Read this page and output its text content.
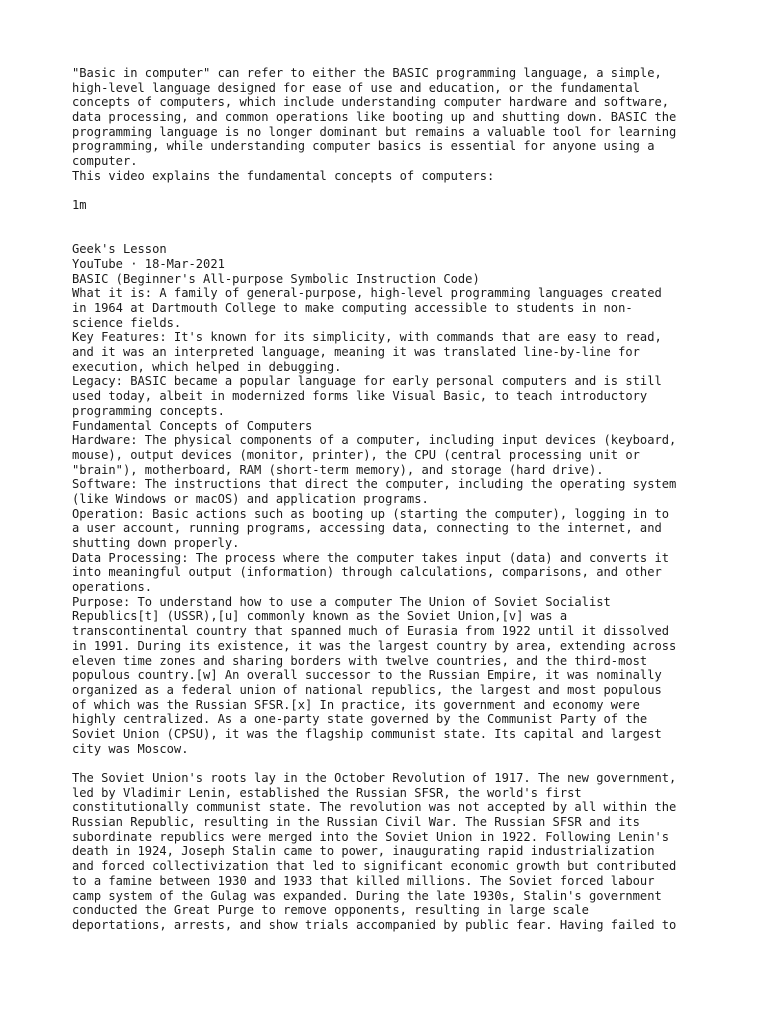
"Basic in computer" can refer to either the BASIC programming language, a simple,
high-level language designed for ease of use and education, or the fundamental
concepts of computers, which include understanding computer hardware and software,
data processing, and common operations like booting up and shutting down. BASIC the
programming language is no longer dominant but remains a valuable tool for learning
programming, while understanding computer basics is essential for anyone using a
computer.
This video explains the fundamental concepts of computers:
1m
Geek's Lesson
YouTube · 18-Mar-2021
BASIC (Beginner's All-purpose Symbolic Instruction Code)
What it is: A family of general-purpose, high-level programming languages created
in 1964 at Dartmouth College to make computing accessible to students in non-
science fields.
Key Features: It's known for its simplicity, with commands that are easy to read,
and it was an interpreted language, meaning it was translated line-by-line for
execution, which helped in debugging.
Legacy: BASIC became a popular language for early personal computers and is still
used today, albeit in modernized forms like Visual Basic, to teach introductory
programming concepts.
Fundamental Concepts of Computers
Hardware: The physical components of a computer, including input devices (keyboard,
mouse), output devices (monitor, printer), the CPU (central processing unit or
"brain"), motherboard, RAM (short-term memory), and storage (hard drive).
Software: The instructions that direct the computer, including the operating system
(like Windows or macOS) and application programs.
Operation: Basic actions such as booting up (starting the computer), logging in to
a user account, running programs, accessing data, connecting to the internet, and
shutting down properly.
Data Processing: The process where the computer takes input (data) and converts it
into meaningful output (information) through calculations, comparisons, and other
operations.
Purpose: To understand how to use a computer The Union of Soviet Socialist
Republics[t] (USSR),[u] commonly known as the Soviet Union,[v] was a
transcontinental country that spanned much of Eurasia from 1922 until it dissolved
in 1991. During its existence, it was the largest country by area, extending across
eleven time zones and sharing borders with twelve countries, and the third-most
populous country.[w] An overall successor to the Russian Empire, it was nominally
organized as a federal union of national republics, the largest and most populous
of which was the Russian SFSR.[x] In practice, its government and economy were
highly centralized. As a one-party state governed by the Communist Party of the
Soviet Union (CPSU), it was the flagship communist state. Its capital and largest
city was Moscow.
The Soviet Union's roots lay in the October Revolution of 1917. The new government,
led by Vladimir Lenin, established the Russian SFSR, the world's first
constitutionally communist state. The revolution was not accepted by all within the
Russian Republic, resulting in the Russian Civil War. The Russian SFSR and its
subordinate republics were merged into the Soviet Union in 1922. Following Lenin's
death in 1924, Joseph Stalin came to power, inaugurating rapid industrialization
and forced collectivization that led to significant economic growth but contributed
to a famine between 1930 and 1933 that killed millions. The Soviet forced labour
camp system of the Gulag was expanded. During the late 1930s, Stalin's government
conducted the Great Purge to remove opponents, resulting in large scale
deportations, arrests, and show trials accompanied by public fear. Having failed to
